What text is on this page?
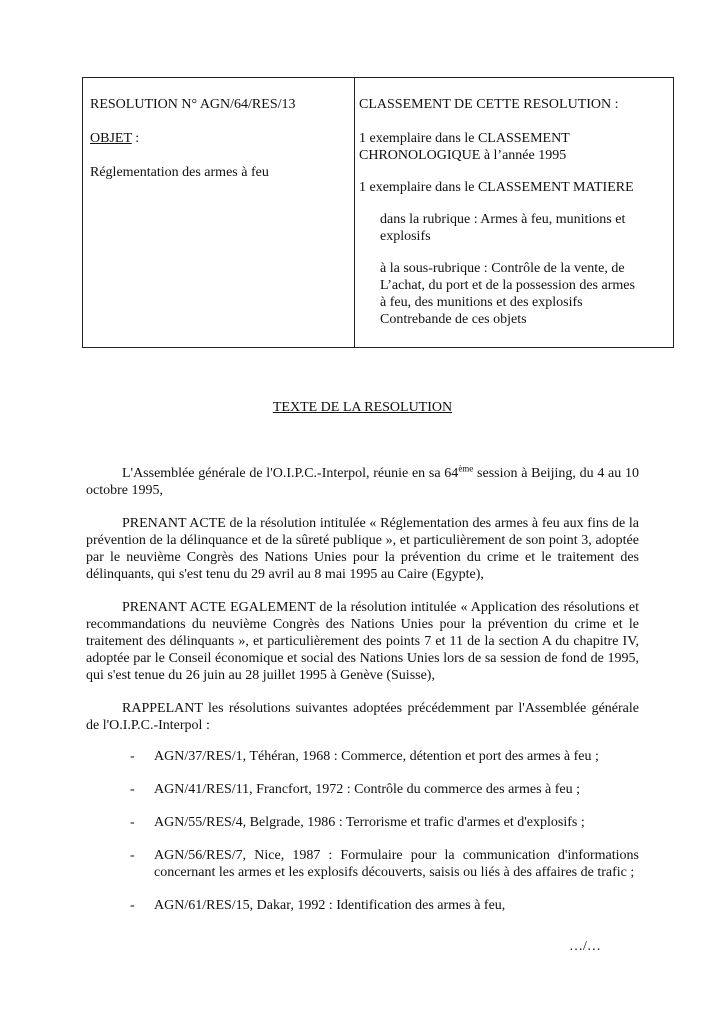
RESOLUTION N° AGN/64/RES/13

OBJET :

Réglementation des armes à feu

CLASSEMENT DE CETTE RESOLUTION :

1 exemplaire dans le CLASSEMENT

CHRONOLOGIQUE à l’année 1995

1 exemplaire dans le CLASSEMENT MATIERE

dans la rubrique : Armes à feu, munitions et

explosifs

à la sous-rubrique : Contrôle de la vente, de

L’achat, du port et de la possession des armes

à feu, des munitions et des explosifs

Contrebande de ces objets

TEXTE DE LA RESOLUTION

L'Assemblée générale de l'O.I.P.C.-Interpol, réunie en sa 64ème session à Beijing, du 4 au 10 octobre 1995,

PRENANT ACTE de la résolution intitulée « Réglementation des armes à feu aux fins de la prévention de la délinquance et de la sûreté publique », et particulièrement de son point 3, adoptée par le neuvième Congrès des Nations Unies pour la prévention du crime et le traitement des délinquants, qui s'est tenu du 29 avril au 8 mai 1995 au Caire (Egypte),

PRENANT ACTE EGALEMENT de la résolution intitulée « Application des résolutions et recommandations du neuvième Congrès des Nations Unies pour la prévention du crime et le traitement des délinquants », et particulièrement des points 7 et 11 de la section A du chapitre IV, adoptée par le Conseil économique et social des Nations Unies lors de sa session de fond de 1995, qui s'est tenue du 26 juin au 28 juillet 1995 à Genève (Suisse),

RAPPELANT les résolutions suivantes adoptées précédemment par l'Assemblée générale de l'O.I.P.C.-Interpol :

- AGN/37/RES/1, Téhéran, 1968 : Commerce, détention et port des armes à feu ;
- AGN/41/RES/11, Francfort, 1972 : Contrôle du commerce des armes à feu ;
- AGN/55/RES/4, Belgrade, 1986 : Terrorisme et trafic d'armes et d'explosifs ;
- AGN/56/RES/7, Nice, 1987 : Formulaire pour la communication d'informations concernant les armes et les explosifs découverts, saisis ou liés à des affaires de trafic ;
- AGN/61/RES/15, Dakar, 1992 : Identification des armes à feu,
…/…
